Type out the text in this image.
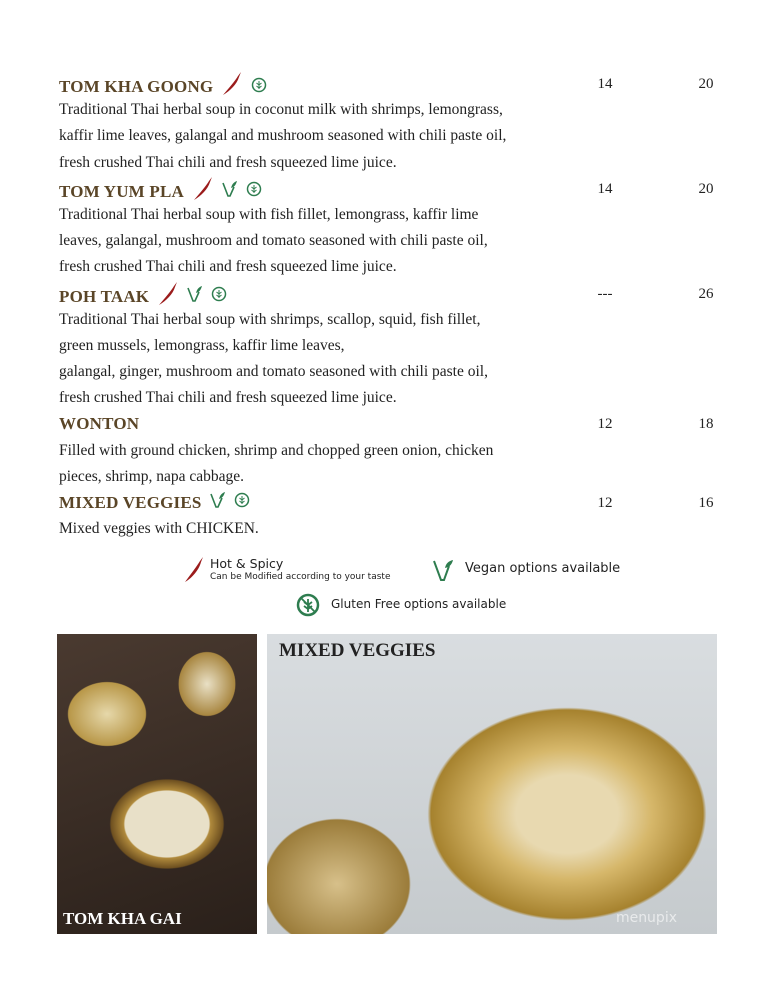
TOM KHA GOONG	14	20
Traditional Thai herbal soup in coconut milk with shrimps, lemongrass,
kaffir lime leaves, galangal and mushroom seasoned with chili paste oil,
fresh crushed Thai chili and fresh squeezed lime juice.
TOM YUM PLA	14	20
Traditional Thai herbal soup with fish fillet, lemongrass, kaffir lime
leaves, galangal, mushroom and tomato seasoned with chili paste oil,
fresh crushed Thai chili and fresh squeezed lime juice.
POH TAAK	---	26
Traditional Thai herbal soup with shrimps, scallop, squid, fish fillet,
green mussels, lemongrass, kaffir lime leaves,
galangal, ginger, mushroom and tomato seasoned with chili paste oil,
fresh crushed Thai chili and fresh squeezed lime juice.
WONTON	12	18
Filled with ground chicken, shrimp and chopped green onion, chicken
pieces, shrimp, napa cabbage.
MIXED VEGGIES	12	16
Mixed veggies with CHICKEN.
Hot & Spicy
Can be Modified according to your taste
Vegan options available
Gluten Free options available
TOM KHA GAI
MIXED VEGGIES
menupix
